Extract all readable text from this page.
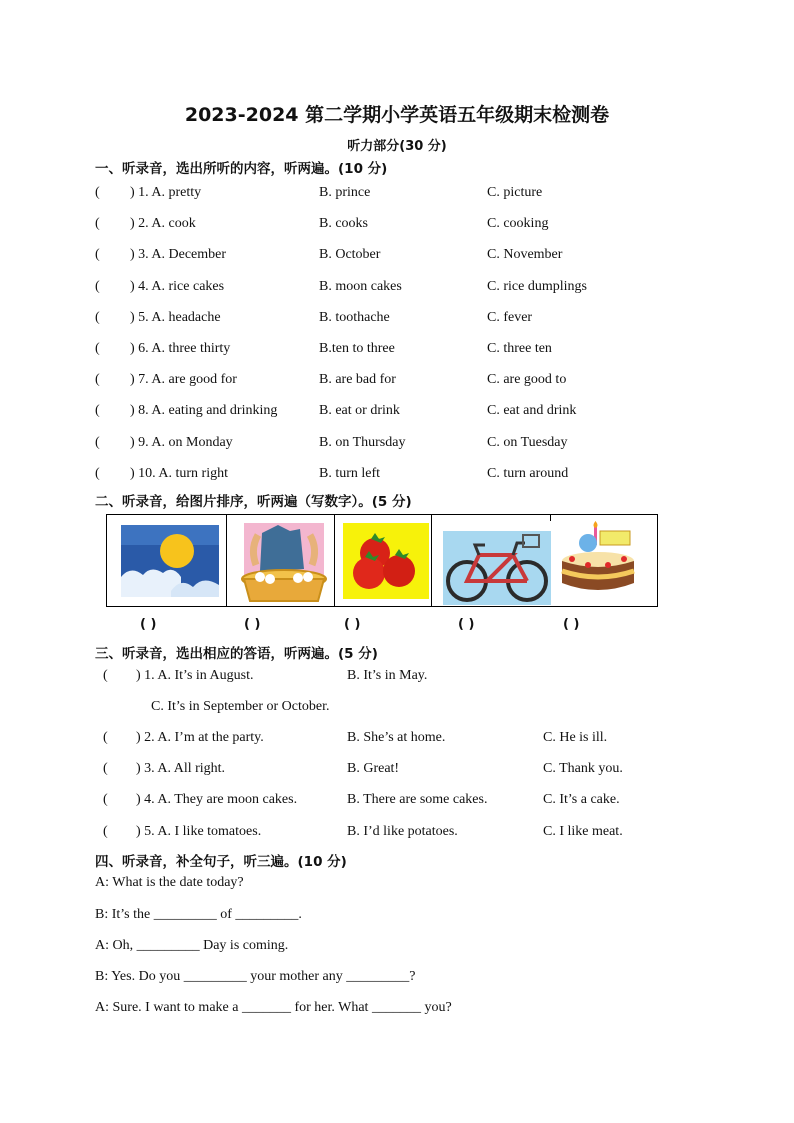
2023-2024 第二学期小学英语五年级期末检测卷
听力部分(30 分)
一、听录音，选出所听的内容，听两遍。(10 分)
( ) 1. A. pretty	B. prince	C. picture
( ) 2. A. cook	B. cooks	C. cooking
( ) 3. A. December	B. October	C. November
( ) 4. A. rice cakes	B. moon cakes	C. rice dumplings
( ) 5. A. headache	B. toothache	C. fever
( ) 6. A. three thirty	B.ten to three	C. three ten
( ) 7. A. are good for	B. are bad for	C. are good to
( ) 8. A. eating and drinking	B. eat or drink	C. eat and drink
( ) 9. A. on Monday	B. on Thursday	C. on Tuesday
( ) 10. A. turn right	B. turn left	C. turn around
二、听录音，给图片排序，听两遍（写数字）。(5 分)
( )	( )	( )	( )	( )
三、听录音，选出相应的答语，听两遍。(5 分)
( ) 1. A. It’s in August.	B. It’s in May.
C. It’s in September or October.
( ) 2. A. I’m at the party.	B. She’s at home.	C. He is ill.
( ) 3. A. All right.	B. Great!	C. Thank you.
( ) 4. A. They are moon cakes.	B. There are some cakes.	C. It’s a cake.
( ) 5. A. I like tomatoes.	B. I’d like potatoes.	C. I like meat.
四、听录音，补全句子，听三遍。(10 分)
A: What is the date today?
B: It’s the _________ of _________.
A: Oh, _________ Day is coming.
B: Yes. Do you _________ your mother any _________?
A: Sure. I want to make a _______ for her. What _______ you?
